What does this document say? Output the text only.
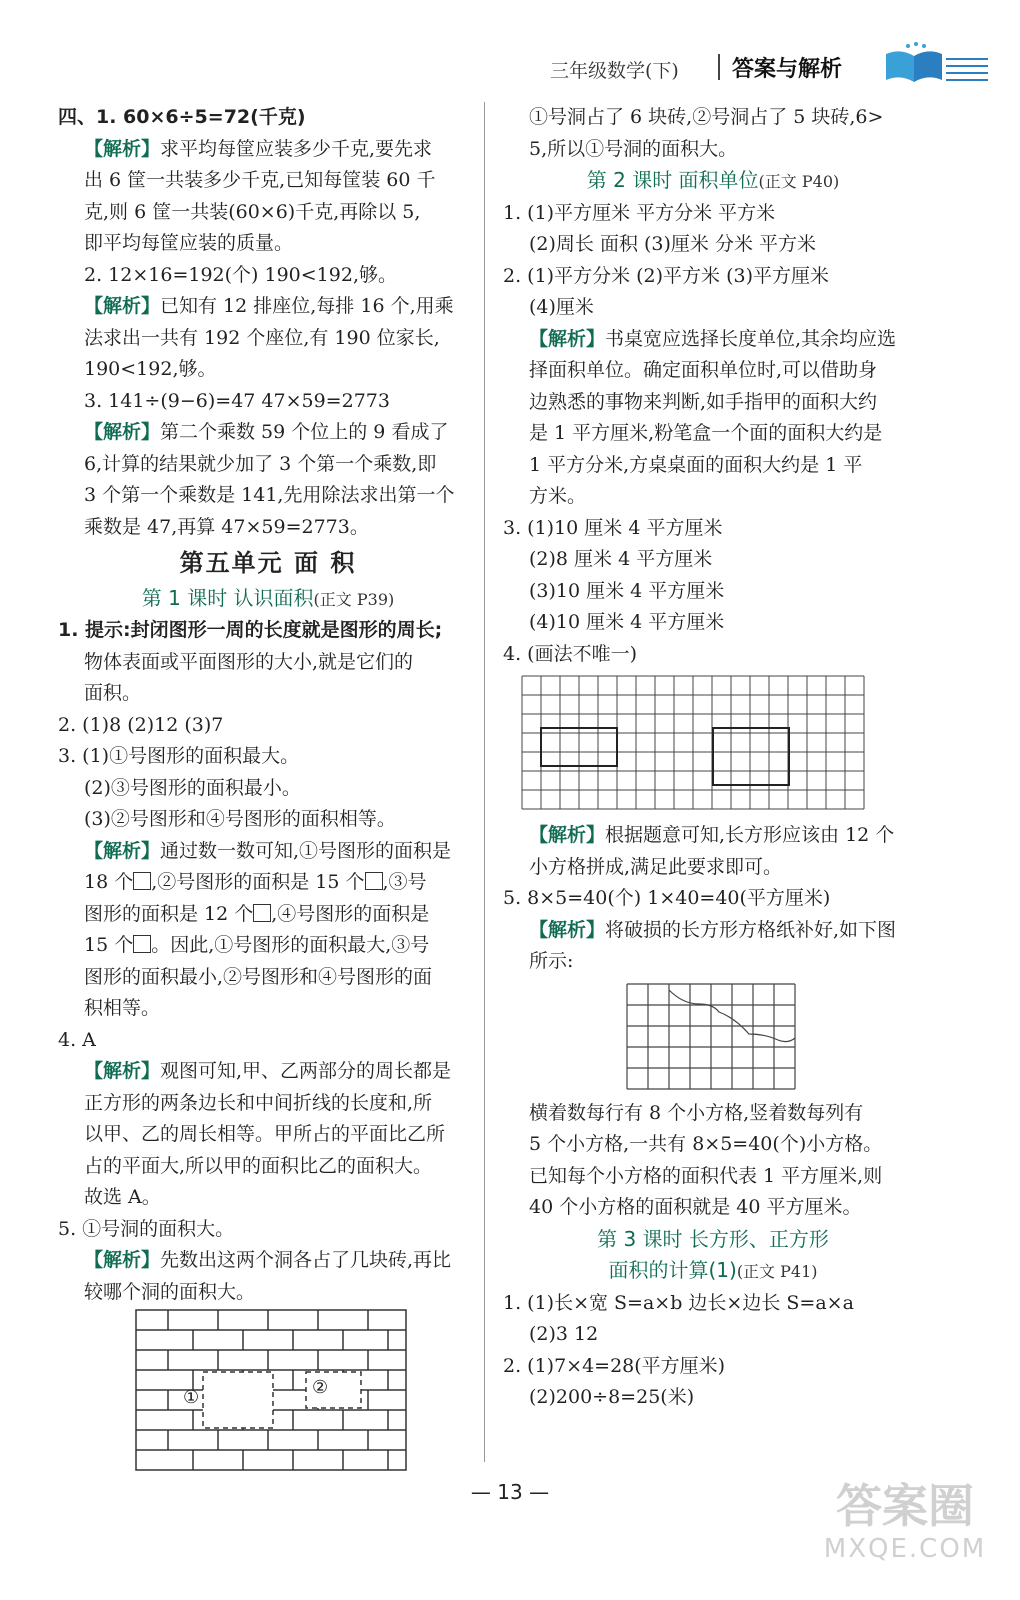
三年级数学(下) 答案与解析
四、1. 60×6÷5=72(千克)
【解析】求平均每筐应装多少千克,要先求
出 6 筐一共装多少千克,已知每筐装 60 千
克,则 6 筐一共装(60×6)千克,再除以 5,
即平均每筐应装的质量。
2. 12×16=192(个) 190<192,够。
【解析】已知有 12 排座位,每排 16 个,用乘
法求出一共有 192 个座位,有 190 位家长,
190<192,够。
3. 141÷(9−6)=47 47×59=2773
【解析】第二个乘数 59 个位上的 9 看成了
6,计算的结果就少加了 3 个第一个乘数,即
3 个第一个乘数是 141,先用除法求出第一个
乘数是 47,再算 47×59=2773。
第五单元 面 积
第 1 课时 认识面积(正文 P39)
1. 提示:封闭图形一周的长度就是图形的周长;
物体表面或平面图形的大小,就是它们的
面积。
2. (1)8 (2)12 (3)7
3. (1)①号图形的面积最大。
(2)③号图形的面积最小。
(3)②号图形和④号图形的面积相等。
【解析】通过数一数可知,①号图形的面积是
18 个 ,②号图形的面积是 15 个 ,③号
图形的面积是 12 个 ,④号图形的面积是
15 个 。因此,①号图形的面积最大,③号
图形的面积最小,②号图形和④号图形的面
积相等。
4. A
【解析】观图可知,甲、乙两部分的周长都是
正方形的两条边长和中间折线的长度和,所
以甲、乙的周长相等。甲所占的平面比乙所
占的平面大,所以甲的面积比乙的面积大。
故选 A。
5. ①号洞的面积大。
【解析】先数出这两个洞各占了几块砖,再比
较哪个洞的面积大。
①	②
①号洞占了 6 块砖,②号洞占了 5 块砖,6>
5,所以①号洞的面积大。
第 2 课时 面积单位(正文 P40)
1. (1)平方厘米 平方分米 平方米
(2)周长 面积 (3)厘米 分米 平方米
2. (1)平方分米 (2)平方米 (3)平方厘米
(4)厘米
【解析】书桌宽应选择长度单位,其余均应选
择面积单位。确定面积单位时,可以借助身
边熟悉的事物来判断,如手指甲的面积大约
是 1 平方厘米,粉笔盒一个面的面积大约是
1 平方分米,方桌桌面的面积大约是 1 平
方米。
3. (1)10 厘米 4 平方厘米
(2)8 厘米 4 平方厘米
(3)10 厘米 4 平方厘米
(4)10 厘米 4 平方厘米
4. (画法不唯一)
【解析】根据题意可知,长方形应该由 12 个
小方格拼成,满足此要求即可。
5. 8×5=40(个) 1×40=40(平方厘米)
【解析】将破损的长方形方格纸补好,如下图
所示:
横着数每行有 8 个小方格,竖着数每列有
5 个小方格,一共有 8×5=40(个)小方格。
已知每个小方格的面积代表 1 平方厘米,则
40 个小方格的面积就是 40 平方厘米。
第 3 课时 长方形、正方形
面积的计算(1)(正文 P41)
1. (1)长×宽 S=a×b 边长×边长 S=a×a
(2)3 12
2. (1)7×4=28(平方厘米)
(2)200÷8=25(米)
— 13 —	答案圈
MXQE.COM
